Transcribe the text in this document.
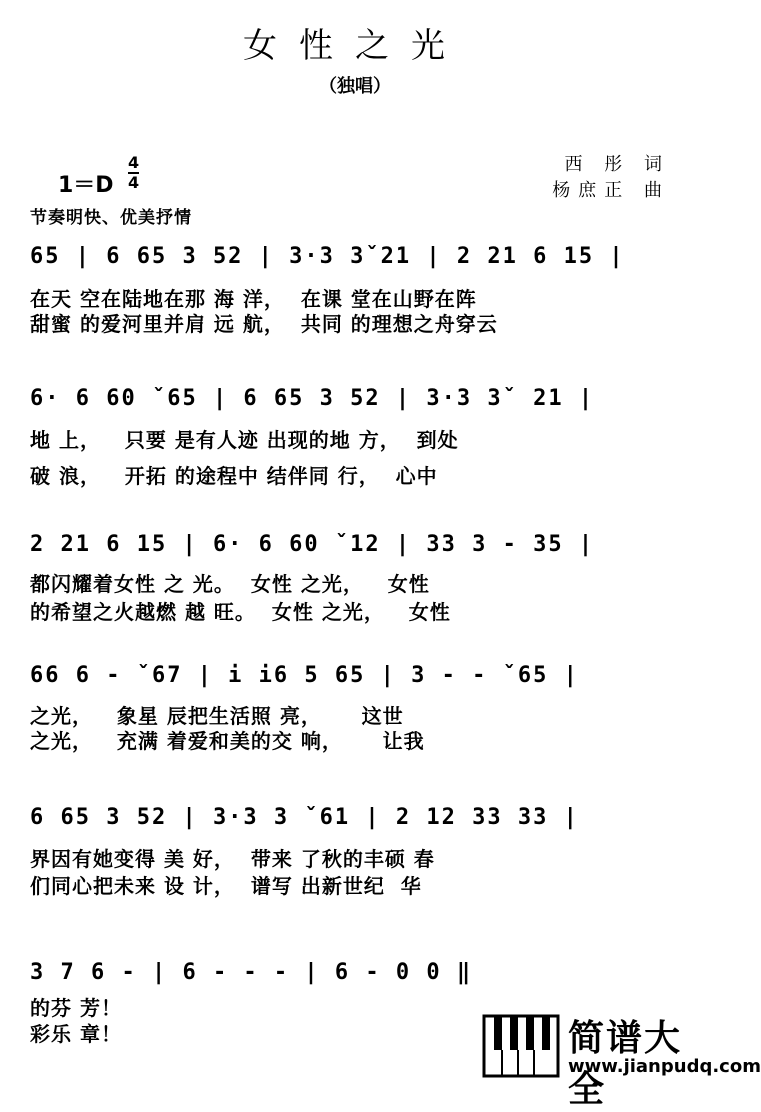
女性之光
（独唱）
1＝D
4
4
西 彤 词
杨庶正 曲
节奏明快、优美抒情
65 | 6 65 3 52 | 3·3 3ˇ21 | 2 21 6 15 |
在天 空在陆地在那 海 洋，  在课 堂在山野在阵
甜蜜 的爱河里并肩 远 航，  共同 的理想之舟穿云
6· 6 60 ˇ65 | 6 65 3 52 | 3·3 3ˇ 21 |
地 上，   只要 是有人迹 出现的地 方，  到处
破 浪，   开拓 的途程中 结伴同 行，  心中
2 21 6 15 | 6· 6 60 ˇ12 | 33 3 - 35 |
都闪耀着女性 之 光。  女性 之光，   女性
的希望之火越燃 越 旺。  女性 之光，   女性
66 6 - ˇ67 | i i6 5 65 | 3 - - ˇ65 |
之光，   象星 辰把生活照 亮，     这世
之光，   充满 着爱和美的交 响，     让我
6 65 3 52 | 3·3 3 ˇ61 | 2 12 33 33 |
界因有她变得 美 好，  带来 了秋的丰硕 春
们同心把未来 设 计，  谱写 出新世纪  华
3 7 6 - | 6 - - - | 6 - 0 0 ‖
的芬 芳！
彩乐 章！	简谱大全
www.jianpudq.com
